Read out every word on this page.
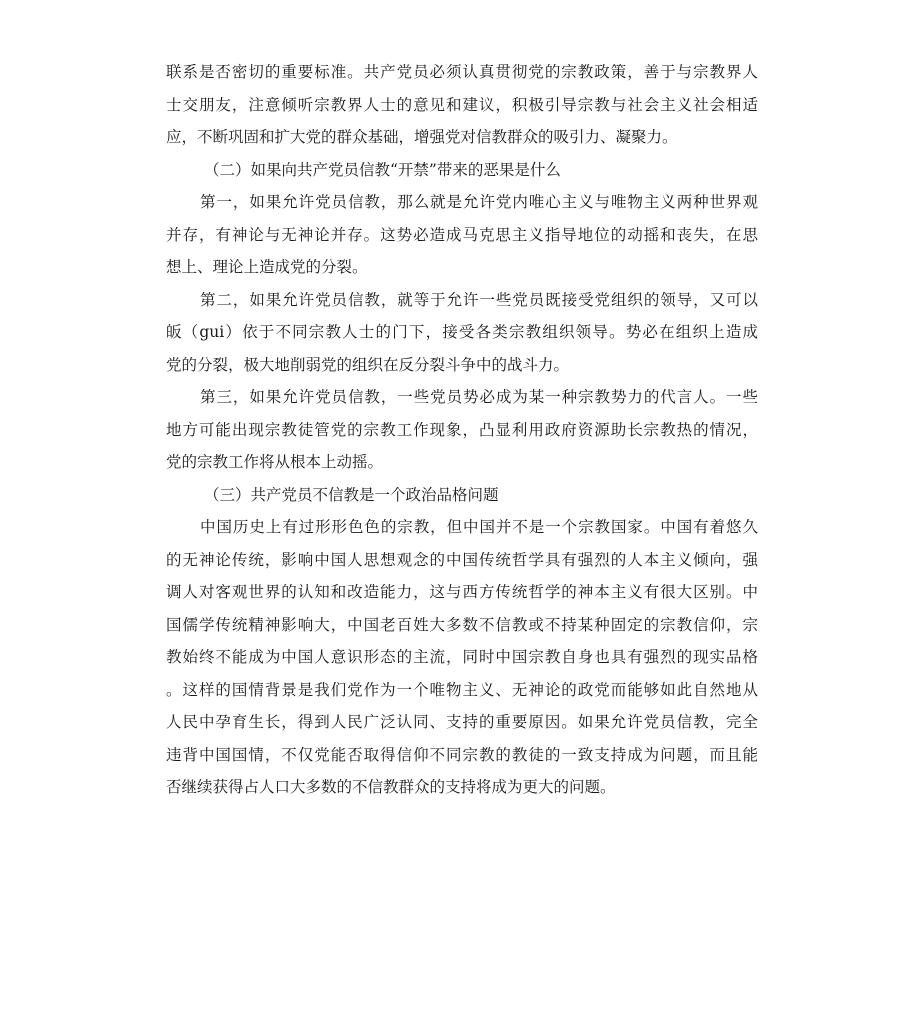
联系是否密切的重要标准。共产党员必须认真贯彻党的宗教政策，善于与宗教界人
士交朋友，注意倾听宗教界人士的意见和建议，积极引导宗教与社会主义社会相适
应，不断巩固和扩大党的群众基础，增强党对信教群众的吸引力、凝聚力。
（二）如果向共产党员信教“开禁”带来的恶果是什么
第一，如果允许党员信教，那么就是允许党内唯心主义与唯物主义两种世界观
并存，有神论与无神论并存。这势必造成马克思主义指导地位的动摇和丧失，在思
想上、理论上造成党的分裂。
第二，如果允许党员信教，就等于允许一些党员既接受党组织的领导，又可以
皈（gui）依于不同宗教人士的门下，接受各类宗教组织领导。势必在组织上造成
党的分裂，极大地削弱党的组织在反分裂斗争中的战斗力。
第三，如果允许党员信教，一些党员势必成为某一种宗教势力的代言人。一些
地方可能出现宗教徒管党的宗教工作现象，凸显利用政府资源助长宗教热的情况，
党的宗教工作将从根本上动摇。
（三）共产党员不信教是一个政治品格问题
中国历史上有过形形色色的宗教，但中国并不是一个宗教国家。中国有着悠久
的无神论传统，影响中国人思想观念的中国传统哲学具有强烈的人本主义倾向，强
调人对客观世界的认知和改造能力，这与西方传统哲学的神本主义有很大区别。中
国儒学传统精神影响大，中国老百姓大多数不信教或不持某种固定的宗教信仰，宗
教始终不能成为中国人意识形态的主流，同时中国宗教自身也具有强烈的现实品格
。这样的国情背景是我们党作为一个唯物主义、无神论的政党而能够如此自然地从
人民中孕育生长，得到人民广泛认同、支持的重要原因。如果允许党员信教，完全
违背中国国情，不仅党能否取得信仰不同宗教的教徒的一致支持成为问题，而且能
否继续获得占人口大多数的不信教群众的支持将成为更大的问题。
